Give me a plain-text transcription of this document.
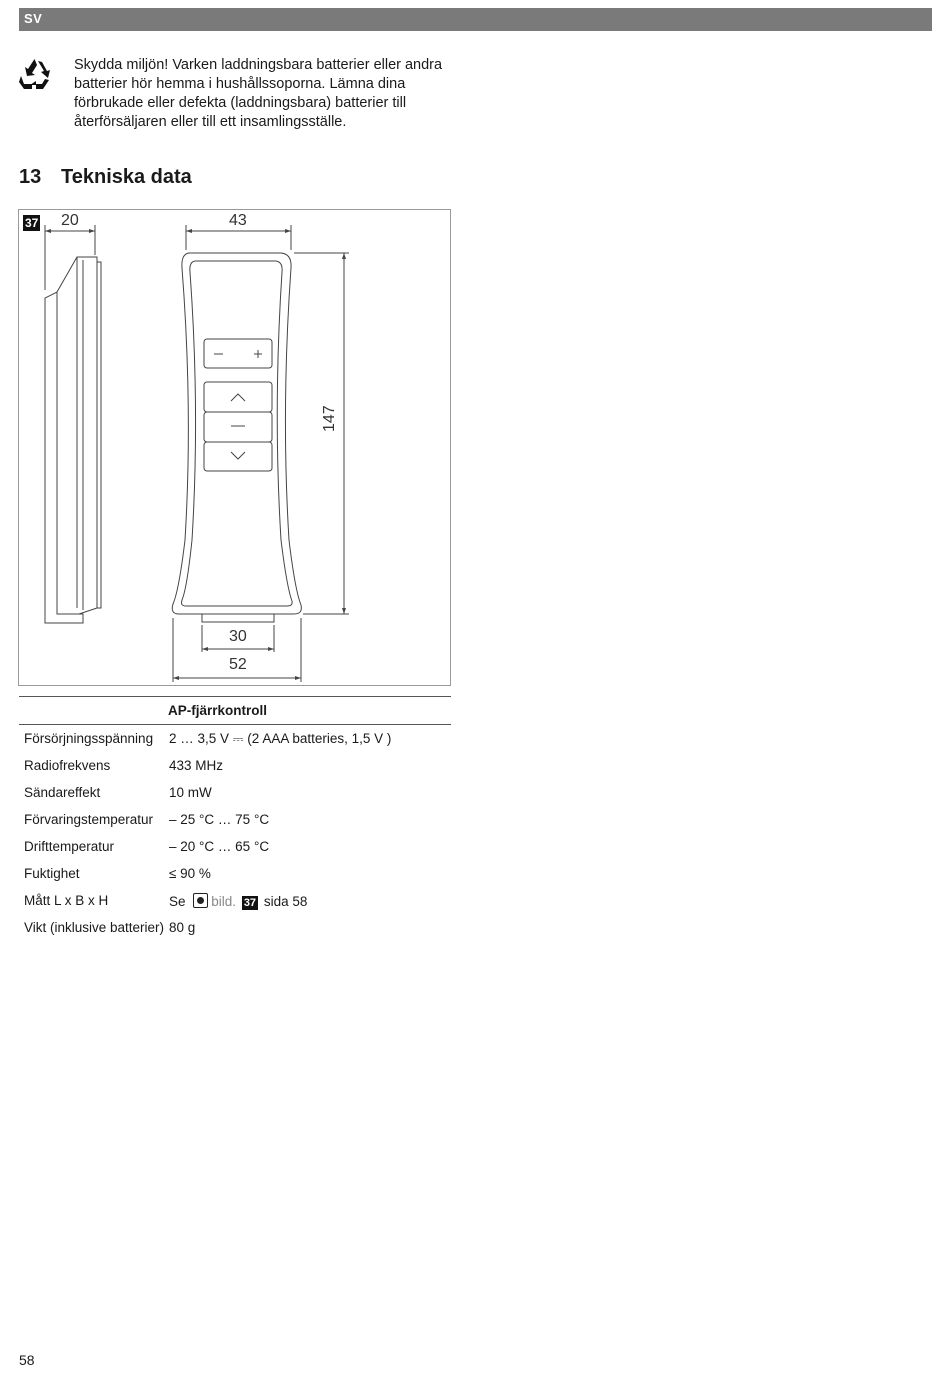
SV
Skydda miljön! Varken laddningsbara batterier eller andra batterier hör hemma i hushållssoporna. Lämna dina förbrukade eller defekta (laddningsbara) batterier till återförsäljaren eller till ett insamlingsställe.
13 Tekniska data
37 20	43
147
30
52
AP-fjärrkontroll
Försörjningsspänning 2 … 3,5 V ⎓ (2 AAA batteries, 1,5 V )
Radiofrekvens	433 MHz
Sändareffekt	10 mW
Förvaringstemperatur – 25 °C … 75 °C
Drifttemperatur	– 20 °C … 65 °C
Fuktighet	≤ 90 %
Mått L x B x H	Se bild. 37 sida 58
Vikt (inklusive batterier) 80 g
58
